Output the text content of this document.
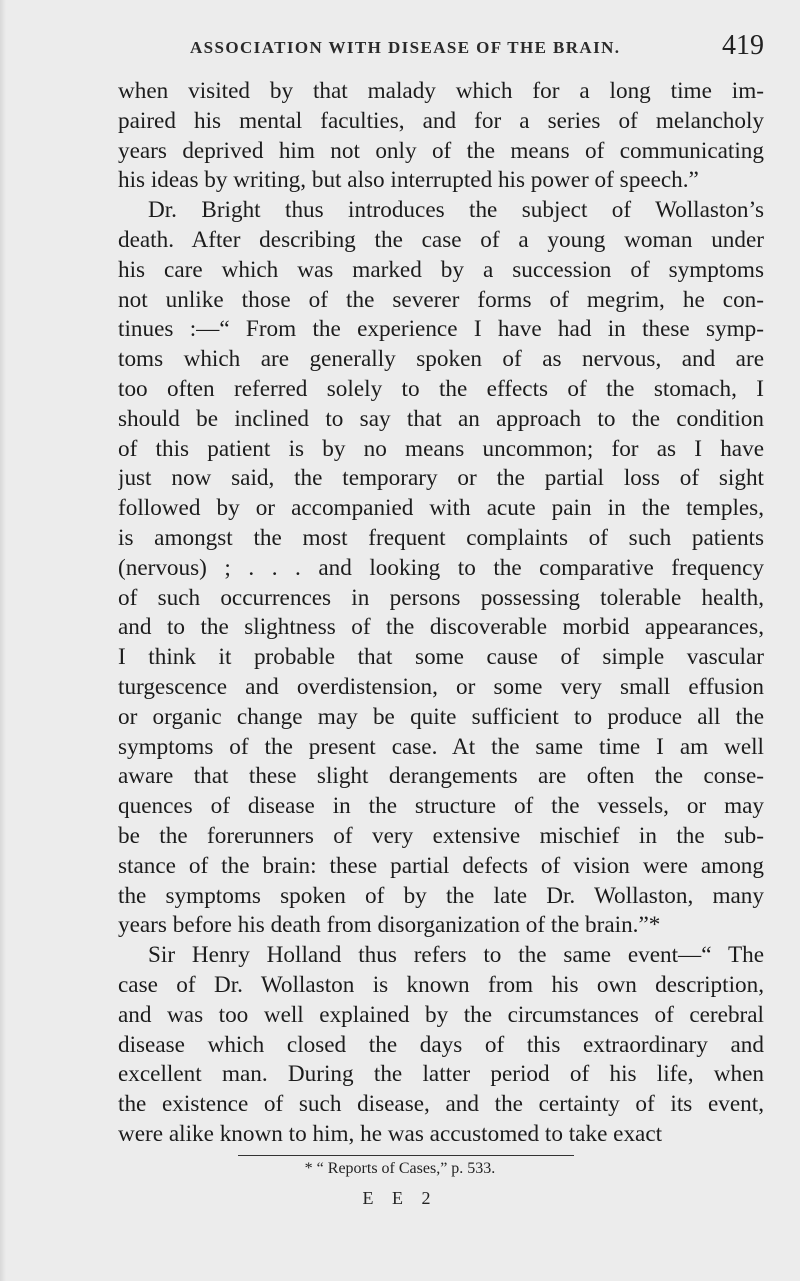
ASSOCIATION WITH DISEASE OF THE BRAIN.	419
when visited by that malady which for a long time im-
paired his mental faculties, and for a series of melancholy
years deprived him not only of the means of communicating
his ideas by writing, but also interrupted his power of speech.”
Dr. Bright thus introduces the subject of Wollaston’s
death. After describing the case of a young woman under
his care which was marked by a succession of symptoms
not unlike those of the severer forms of megrim, he con-
tinues :—“ From the experience I have had in these symp-
toms which are generally spoken of as nervous, and are
too often referred solely to the effects of the stomach, I
should be inclined to say that an approach to the condition
of this patient is by no means uncommon; for as I have
just now said, the temporary or the partial loss of sight
followed by or accompanied with acute pain in the temples,
is amongst the most frequent complaints of such patients
(nervous) ; . . . and looking to the comparative frequency
of such occurrences in persons possessing tolerable health,
and to the slightness of the discoverable morbid appearances,
I think it probable that some cause of simple vascular
turgescence and overdistension, or some very small effusion
or organic change may be quite sufficient to produce all the
symptoms of the present case. At the same time I am well
aware that these slight derangements are often the conse-
quences of disease in the structure of the vessels, or may
be the forerunners of very extensive mischief in the sub-
stance of the brain: these partial defects of vision were among
the symptoms spoken of by the late Dr. Wollaston, many
years before his death from disorganization of the brain.”*
Sir Henry Holland thus refers to the same event—“ The
case of Dr. Wollaston is known from his own description,
and was too well explained by the circumstances of cerebral
disease which closed the days of this extraordinary and
excellent man. During the latter period of his life, when
the existence of such disease, and the certainty of its event,
were alike known to him, he was accustomed to take exact
* “ Reports of Cases,” p. 533.
E E 2
